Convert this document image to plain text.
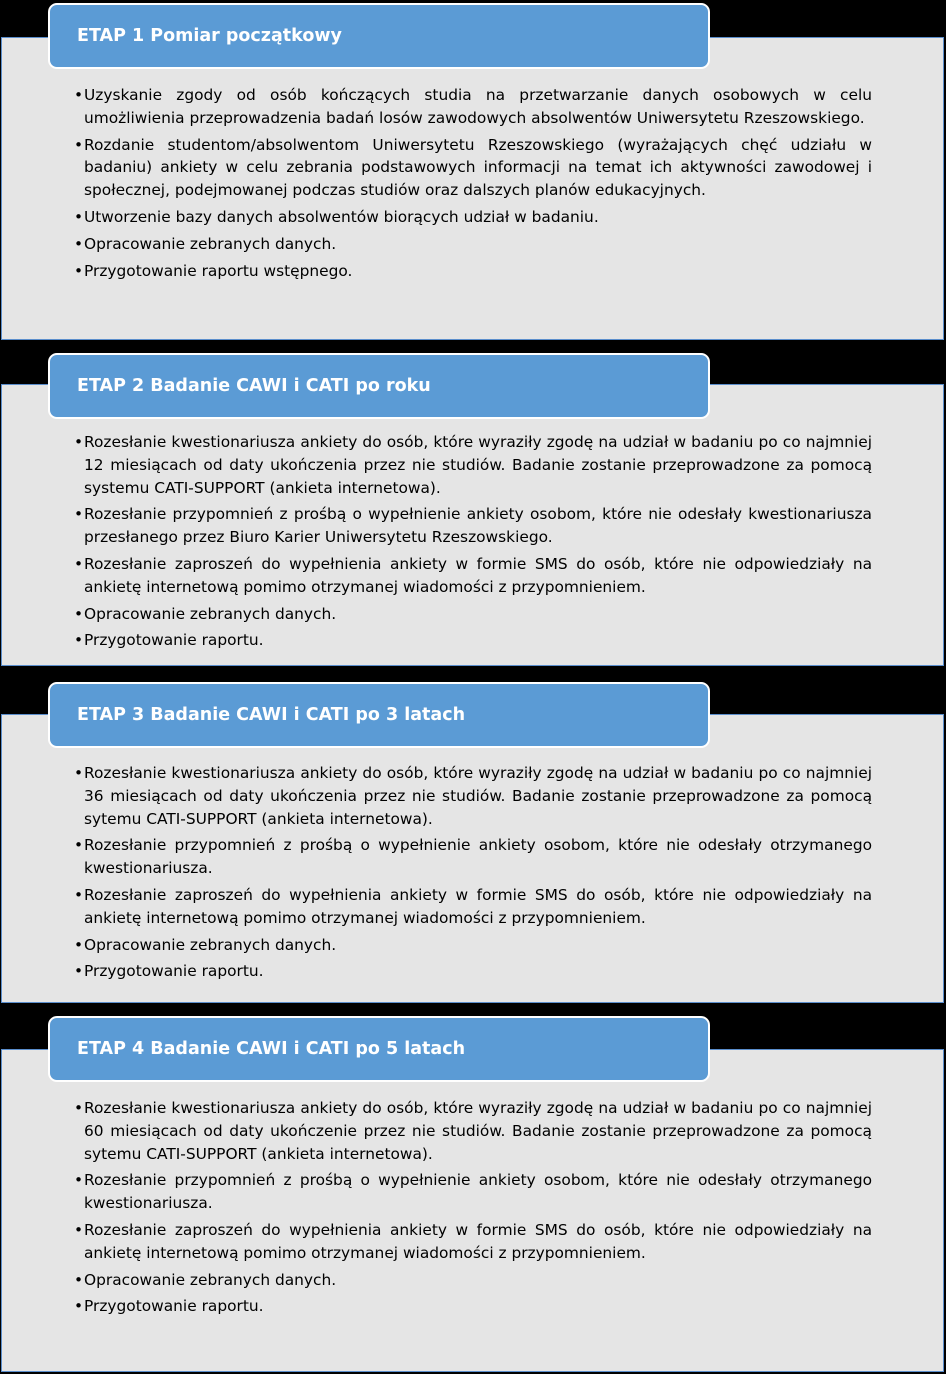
ETAP 1 Pomiar początkowy
• Uzyskanie zgody od osób kończących studia na przetwarzanie danych osobowych w celu umożliwienia przeprowadzenia badań losów zawodowych absolwentów Uniwersytetu Rzeszowskiego.
• Rozdanie studentom/absolwentom Uniwersytetu Rzeszowskiego (wyrażających chęć udziału w badaniu) ankiety w celu zebrania podstawowych informacji na temat ich aktywności zawodowej i społecznej, podejmowanej podczas studiów oraz dalszych planów edukacyjnych.
• Utworzenie bazy danych absolwentów biorących udział w badaniu.
• Opracowanie zebranych danych.
• Przygotowanie raportu wstępnego.
ETAP 2 Badanie CAWI i CATI po roku
• Rozesłanie kwestionariusza ankiety do osób, które wyraziły zgodę na udział w badaniu po co najmniej 12 miesiącach od daty ukończenia przez nie studiów. Badanie zostanie przeprowadzone za pomocą systemu CATI-SUPPORT (ankieta internetowa).
• Rozesłanie przypomnień z prośbą o wypełnienie ankiety osobom, które nie odesłały kwestionariusza przesłanego przez Biuro Karier Uniwersytetu Rzeszowskiego.
• Rozesłanie zaproszeń do wypełnienia ankiety w formie SMS do osób, które nie odpowiedziały na ankietę internetową pomimo otrzymanej wiadomości z przypomnieniem.
• Opracowanie zebranych danych.
• Przygotowanie raportu.
ETAP 3 Badanie CAWI i CATI po 3 latach
• Rozesłanie kwestionariusza ankiety do osób, które wyraziły zgodę na udział w badaniu po co najmniej 36 miesiącach od daty ukończenia przez nie studiów. Badanie zostanie przeprowadzone za pomocą sytemu CATI-SUPPORT (ankieta internetowa).
• Rozesłanie przypomnień z prośbą o wypełnienie ankiety osobom, które nie odesłały otrzymanego kwestionariusza.
• Rozesłanie zaproszeń do wypełnienia ankiety w formie SMS do osób, które nie odpowiedziały na ankietę internetową pomimo otrzymanej wiadomości z przypomnieniem.
• Opracowanie zebranych danych.
• Przygotowanie raportu.
ETAP 4 Badanie CAWI i CATI po 5 latach
• Rozesłanie kwestionariusza ankiety do osób, które wyraziły zgodę na udział w badaniu po co najmniej 60 miesiącach od daty ukończenie przez nie studiów. Badanie zostanie przeprowadzone za pomocą sytemu CATI-SUPPORT (ankieta internetowa).
• Rozesłanie przypomnień z prośbą o wypełnienie ankiety osobom, które nie odesłały otrzymanego kwestionariusza.
• Rozesłanie zaproszeń do wypełnienia ankiety w formie SMS do osób, które nie odpowiedziały na ankietę internetową pomimo otrzymanej wiadomości z przypomnieniem.
• Opracowanie zebranych danych.
• Przygotowanie raportu.
